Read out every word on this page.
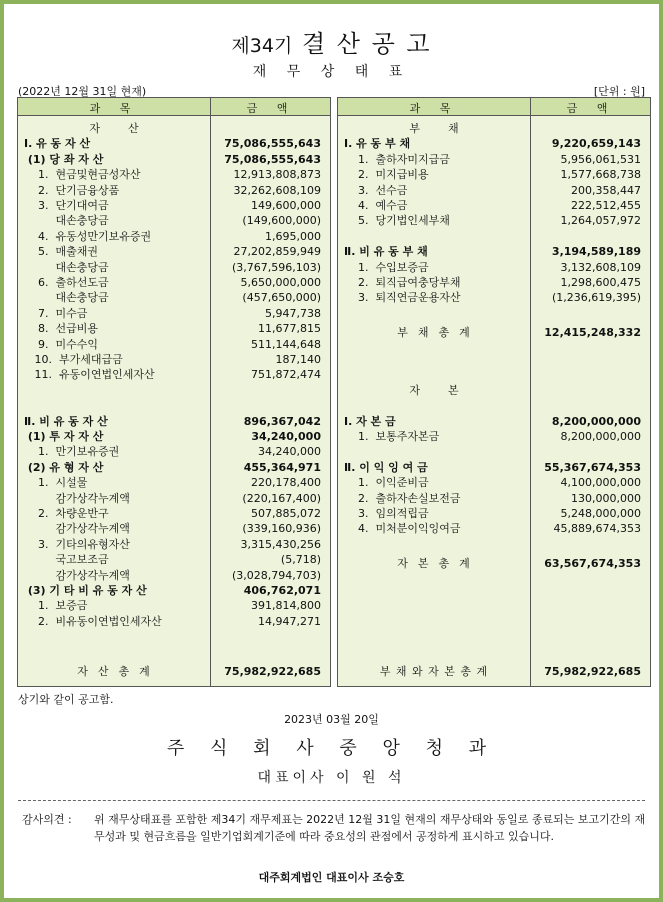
제34기 결 산 공 고
재 무 상 태 표
(2022년 12월 31일 현재)	[단위 : 원]
과 목	금 액
자        산
Ⅰ. 유 동 자 산	75,086,555,643
(1) 당 좌 자 산	75,086,555,643
1.  현금및현금성자산	12,913,808,873
2.  단기금융상품	32,262,608,109
3.  단기대여금	149,600,000
대손충당금	(149,600,000)
4.  유동성만기보유증권	1,695,000
5.  매출채권	27,202,859,949
대손충당금	(3,767,596,103)
6.  출하선도금	5,650,000,000
대손충당금	(457,650,000)
7.  미수금	5,947,738
8.  선급비용	11,677,815
9.  미수수익	511,144,648
10.  부가세대급금	187,140
11.  유동이연법인세자산	751,872,474
Ⅱ. 비 유 동 자 산	896,367,042
(1) 투 자 자 산	34,240,000
1.  만기보유증권	34,240,000
(2) 유 형 자 산	455,364,971
1.  시설물	220,178,400
감가상각누계액	(220,167,400)
2.  차량운반구	507,885,072
감가상각누계액	(339,160,936)
3.  기타의유형자산	3,315,430,256
국고보조금	(5,718)
감가상각누계액	(3,028,794,703)
(3) 기 타 비 유 동 자 산	406,762,071
1.  보증금	391,814,800
2.  비유동이연법인세자산	14,947,271
자  산  총  계	75,982,922,685
과 목	금 액
부        채
Ⅰ. 유 동 부 채	9,220,659,143
1.  출하자미지급금	5,956,061,531
2.  미지급비용	1,577,668,738
3.  선수금	200,358,447
4.  예수금	222,512,455
5.  당기법인세부채	1,264,057,972
Ⅱ. 비 유 동 부 채	3,194,589,189
1.  수입보증금	3,132,608,109
2.  퇴직급여충당부채	1,298,600,475
3.  퇴직연금운용자산	(1,236,619,395)
부  채  총  계	12,415,248,332
자        본
Ⅰ. 자 본 금	8,200,000,000
1.  보통주자본금	8,200,000,000
Ⅱ. 이 익 잉 여 금	55,367,674,353
1.  이익준비금	4,100,000,000
2.  출하자손실보전금	130,000,000
3.  임의적립금	5,248,000,000
4.  미처분이익잉여금	45,889,674,353
자  본  총  계	63,567,674,353
부 채 와 자 본 총 계	75,982,922,685
상기와 같이 공고함.
2023년 03월 20일
주 식 회 사 중 앙 청 과
대표이사 이 원 석
감사의견 : 위 재무상태표를 포함한 제34기 재무제표는 2022년 12월 31일 현재의 재무상태와 동일로 종료되는 보고기간의 재무성과 및 현금흐름을 일반기업회계기준에 따라 중요성의 관점에서 공정하게 표시하고 있습니다.
대주회계법인 대표이사 조승호
